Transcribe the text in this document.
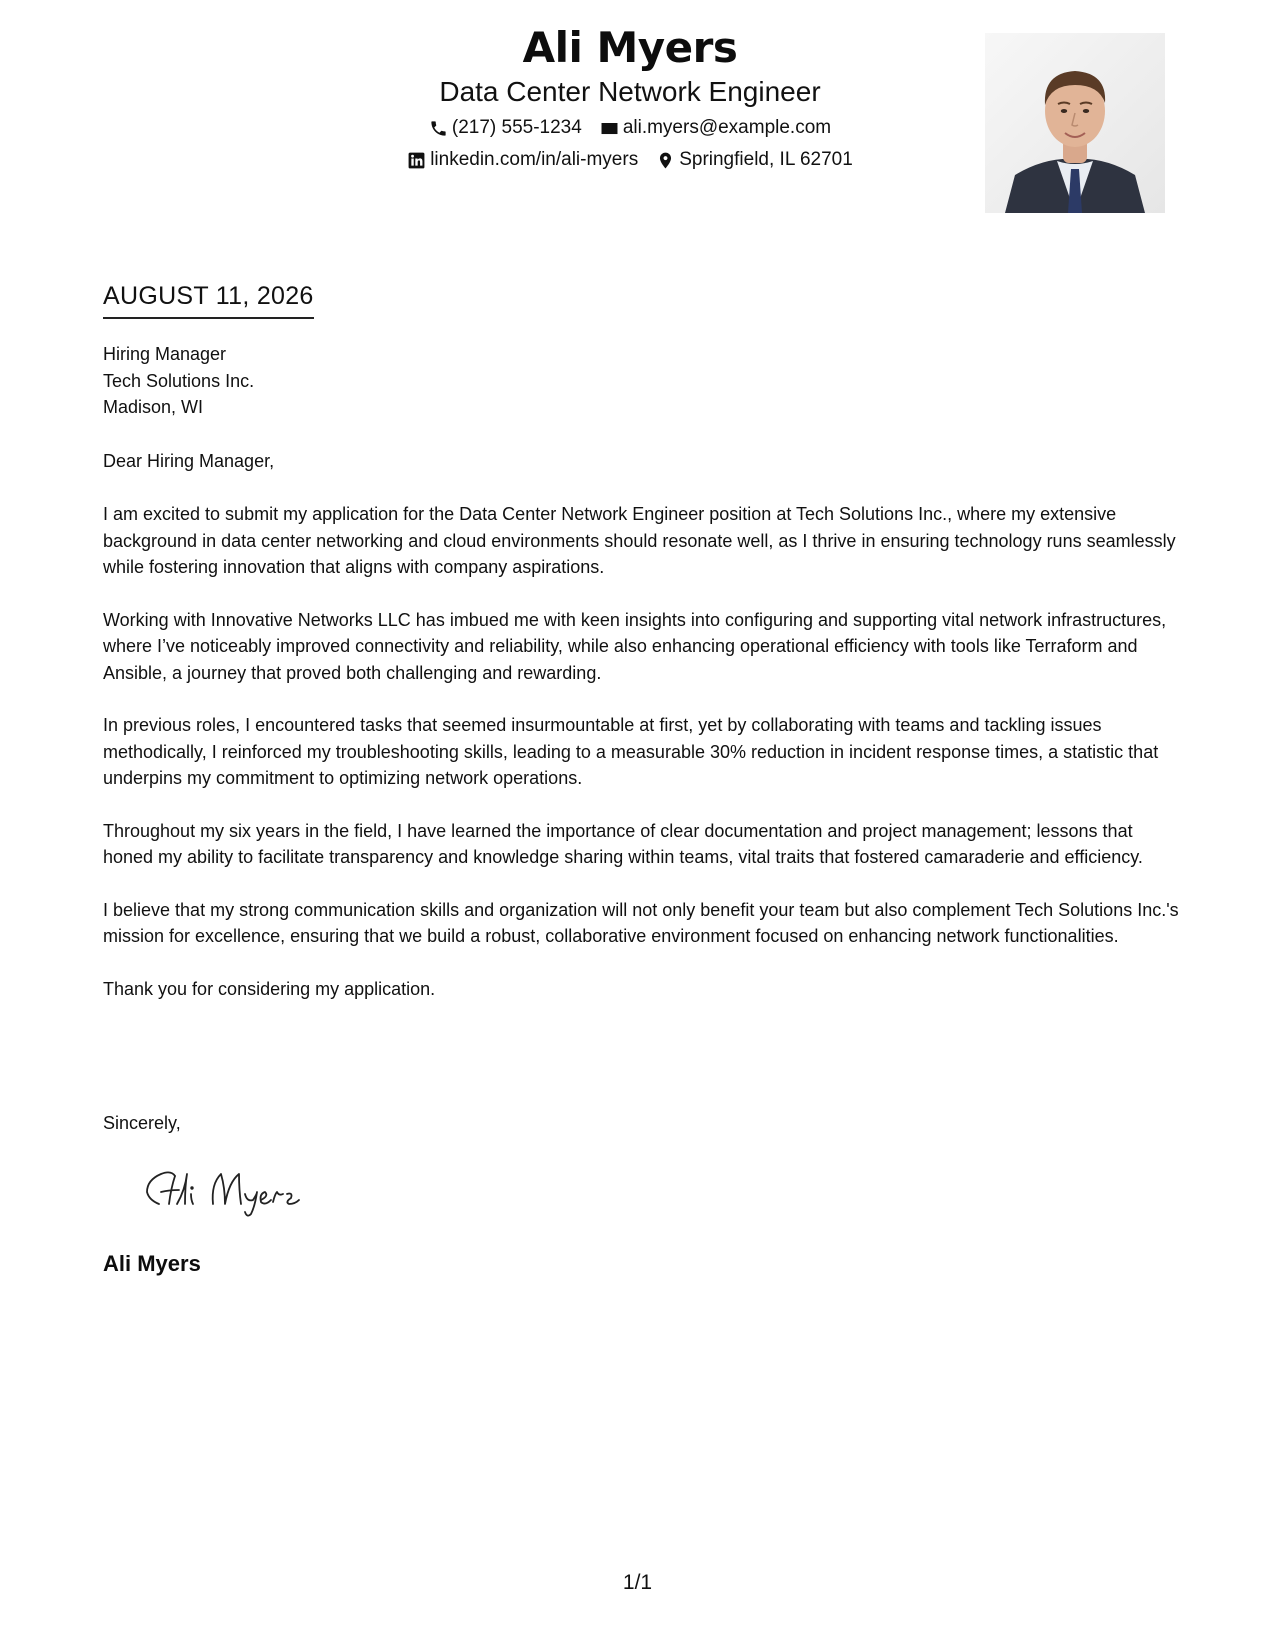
Ali Myers
Data Center Network Engineer
(217) 555-1234 ali.myers@example.com
linkedin.com/in/ali-myers Springfield, IL 62701
AUGUST 11, 2026
Hiring Manager
Tech Solutions Inc.
Madison, WI
Dear Hiring Manager,

I am excited to submit my application for the Data Center Network Engineer position at Tech Solutions Inc., where my extensive background in data center networking and cloud environments should resonate well, as I thrive in ensuring technology runs seamlessly while fostering innovation that aligns with company aspirations.

Working with Innovative Networks LLC has imbued me with keen insights into configuring and supporting vital network infrastructures, where I’ve noticeably improved connectivity and reliability, while also enhancing operational efficiency with tools like Terraform and Ansible, a journey that proved both challenging and rewarding.

In previous roles, I encountered tasks that seemed insurmountable at first, yet by collaborating with teams and tackling issues methodically, I reinforced my troubleshooting skills, leading to a measurable 30% reduction in incident response times, a statistic that underpins my commitment to optimizing network operations.

Throughout my six years in the field, I have learned the importance of clear documentation and project management; lessons that honed my ability to facilitate transparency and knowledge sharing within teams, vital traits that fostered camaraderie and efficiency.

I believe that my strong communication skills and organization will not only benefit your team but also complement Tech Solutions Inc.'s mission for excellence, ensuring that we build a robust, collaborative environment focused on enhancing network functionalities.

Thank you for considering my application.

Sincerely,
Ali Myers
1/1
